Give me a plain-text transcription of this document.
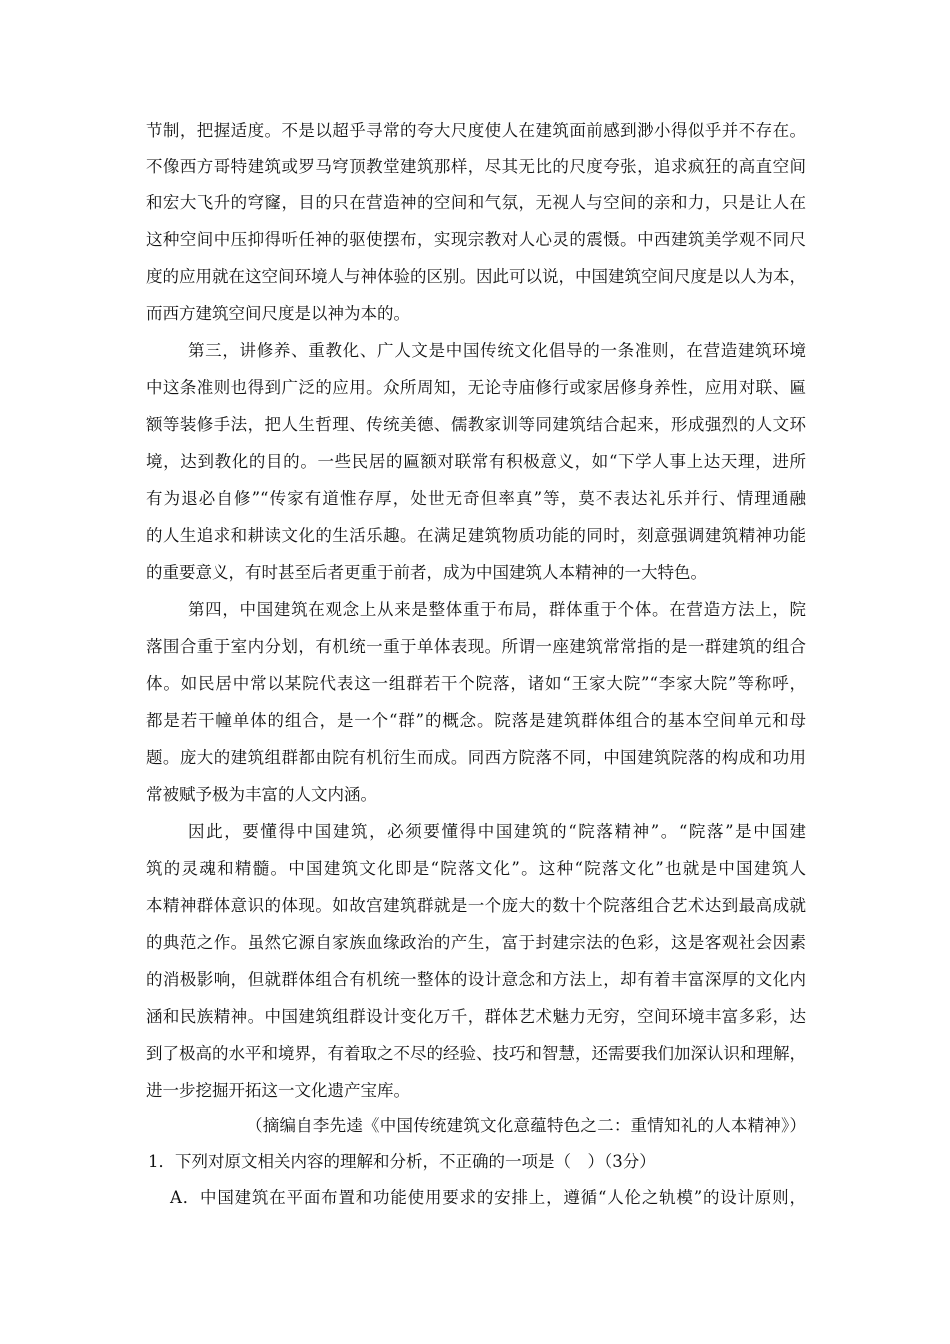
节制，把握适度。不是以超乎寻常的夸大尺度使人在建筑面前感到渺小得似乎并不存在。
不像西方哥特建筑或罗马穹顶教堂建筑那样，尽其无比的尺度夸张，追求疯狂的高直空间
和宏大飞升的穹窿，目的只在营造神的空间和气氛，无视人与空间的亲和力，只是让人在
这种空间中压抑得听任神的驱使摆布，实现宗教对人心灵的震慑。中西建筑美学观不同尺
度的应用就在这空间环境人与神体验的区别。因此可以说，中国建筑空间尺度是以人为本，
而西方建筑空间尺度是以神为本的。
第三，讲修养、重教化、广人文是中国传统文化倡导的一条准则，在营造建筑环境
中这条准则也得到广泛的应用。众所周知，无论寺庙修行或家居修身养性，应用对联、匾
额等装修手法，把人生哲理、传统美德、儒教家训等同建筑结合起来，形成强烈的人文环
境，达到教化的目的。一些民居的匾额对联常有积极意义，如“下学人事上达天理，进所
有为退必自修”“传家有道惟存厚，处世无奇但率真”等，莫不表达礼乐并行、情理通融
的人生追求和耕读文化的生活乐趣。在满足建筑物质功能的同时，刻意强调建筑精神功能
的重要意义，有时甚至后者更重于前者，成为中国建筑人本精神的一大特色。
第四，中国建筑在观念上从来是整体重于布局，群体重于个体。在营造方法上，院
落围合重于室内分划，有机统一重于单体表现。所谓一座建筑常常指的是一群建筑的组合
体。如民居中常以某院代表这一组群若干个院落，诸如“王家大院”“李家大院”等称呼，
都是若干幢单体的组合，是一个“群”的概念。院落是建筑群体组合的基本空间单元和母
题。庞大的建筑组群都由院有机衍生而成。同西方院落不同，中国建筑院落的构成和功用
常被赋予极为丰富的人文内涵。
因此，要懂得中国建筑，必须要懂得中国建筑的“院落精神”。“院落”是中国建
筑的灵魂和精髓。中国建筑文化即是“院落文化”。这种“院落文化”也就是中国建筑人
本精神群体意识的体现。如故宫建筑群就是一个庞大的数十个院落组合艺术达到最高成就
的典范之作。虽然它源自家族血缘政治的产生，富于封建宗法的色彩，这是客观社会因素
的消极影响，但就群体组合有机统一整体的设计意念和方法上，却有着丰富深厚的文化内
涵和民族精神。中国建筑组群设计变化万千，群体艺术魅力无穷，空间环境丰富多彩，达
到了极高的水平和境界，有着取之不尽的经验、技巧和智慧，还需要我们加深认识和理解，
进一步挖掘开拓这一文化遗产宝库。
（摘编自李先逵《中国传统建筑文化意蕴特色之二：重情知礼的人本精神》）
1．下列对原文相关内容的理解和分析，不正确的一项是（　）（3分）
A．中国建筑在平面布置和功能使用要求的安排上，遵循“人伦之轨模”的设计原则，
